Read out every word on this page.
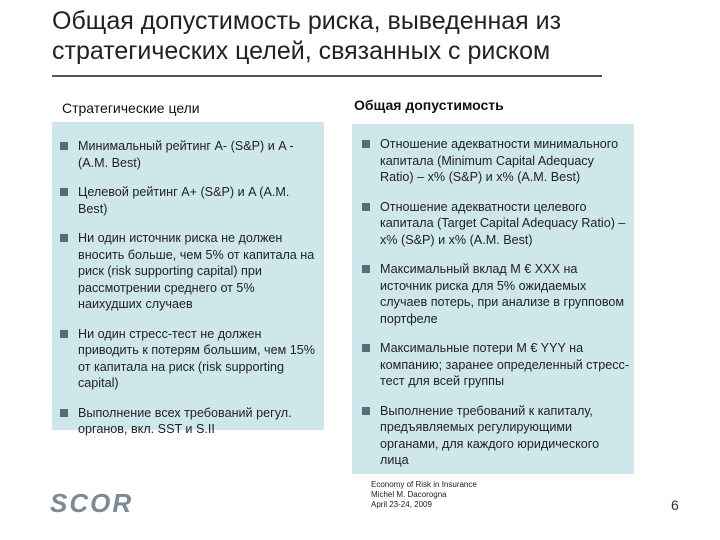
Общая допустимость риска, выведенная из стратегических целей, связанных с риском
Стратегические цели	Общая допустимость
Минимальный рейтинг A- (S&P) и A - (A.M. Best)
Целевой рейтинг A+ (S&P) и A (A.M. Best)
Ни один источник риска не должен вносить больше, чем 5% от капитала на риск (risk supporting capital) при рассмотрении среднего от 5% наихудших случаев
Ни один стресс-тест не должен приводить к потерям большим, чем 15% от капитала на риск (risk supporting capital)
Выполнение всех требований регул. органов, вкл. SST и S.II
Отношение адекватности минимального капитала (Minimum Capital Adequacy Ratio) – x% (S&P) и x% (A.M. Best)
Отношение адекватности целевого капитала (Target Capital Adequacy Ratio) – x% (S&P) и x% (A.M. Best)
Максимальный вклад M € XXX на источник риска для 5% ожидаемых случаев потерь, при анализе в групповом портфеле
Максимальные потери M € YYY на компанию; заранее определенный стресс-тест для всей группы
Выполнение требований к капиталу, предъявляемых регулирующими органами, для каждого юридического лица
SCOR
Economy of Risk in Insurance
Michel M. Dacorogna
April 23-24, 2009	6
